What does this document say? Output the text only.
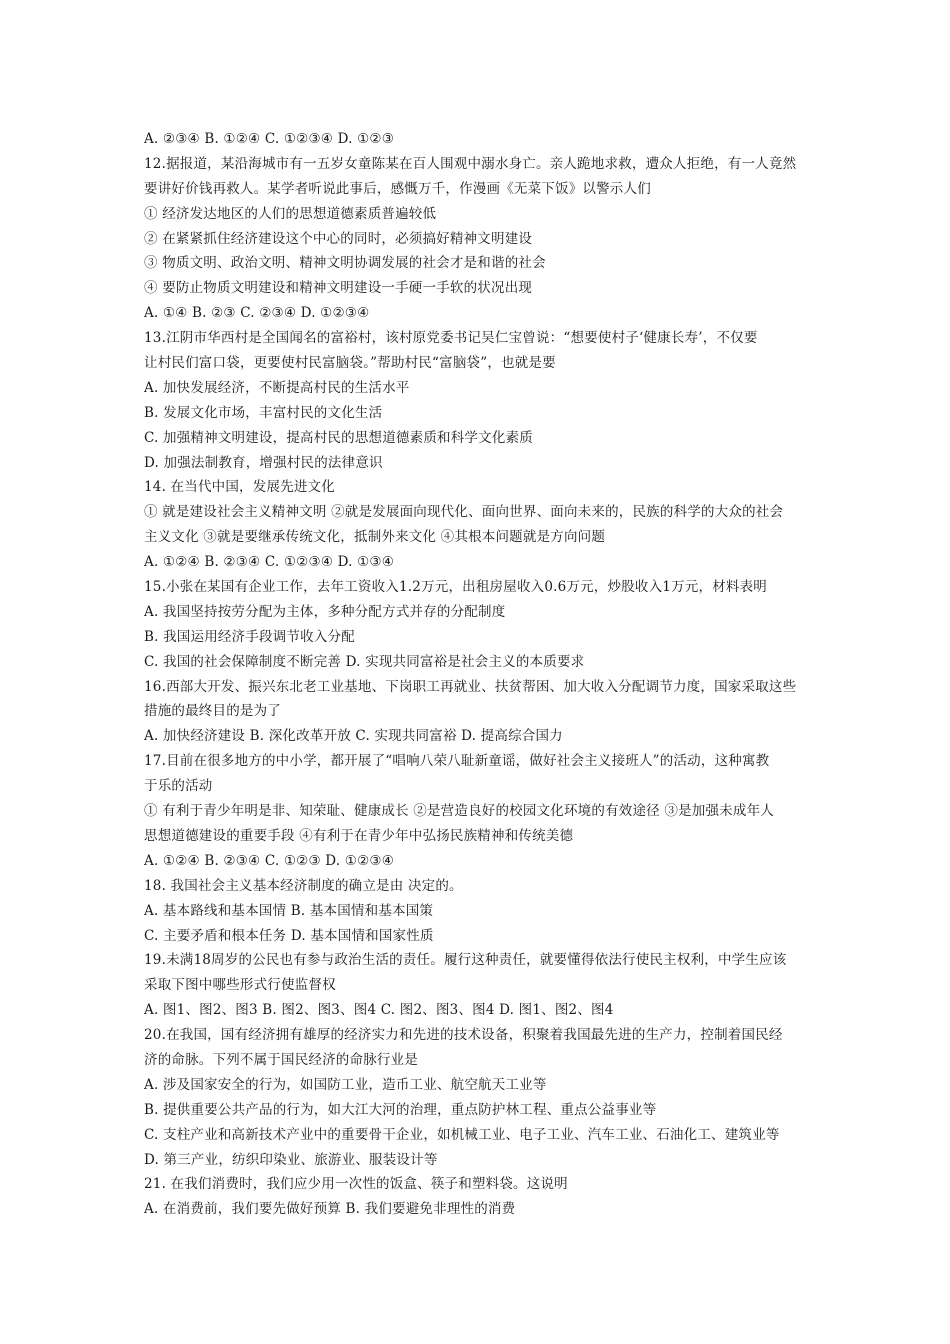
A. ②③④ B. ①②④ C. ①②③④ D. ①②③
12.据报道，某沿海城市有一五岁女童陈某在百人围观中溺水身亡。亲人跪地求救，遭众人拒绝，有一人竟然
要讲好价钱再救人。某学者听说此事后，感慨万千，作漫画《无菜下饭》以警示人们
① 经济发达地区的人们的思想道德素质普遍较低
② 在紧紧抓住经济建设这个中心的同时，必须搞好精神文明建设
③ 物质文明、政治文明、精神文明协调发展的社会才是和谐的社会
④ 要防止物质文明建设和精神文明建设一手硬一手软的状况出现
A. ①④ B. ②③ C. ②③④ D. ①②③④
13.江阴市华西村是全国闻名的富裕村，该村原党委书记吴仁宝曾说：“想要使村子‘健康长寿’，不仅要
让村民们富口袋，更要使村民富脑袋。”帮助村民“富脑袋”，也就是要
A. 加快发展经济，不断提高村民的生活水平
B. 发展文化市场，丰富村民的文化生活
C. 加强精神文明建设，提高村民的思想道德素质和科学文化素质
D. 加强法制教育，增强村民的法律意识
14. 在当代中国，发展先进文化
① 就是建设社会主义精神文明 ②就是发展面向现代化、面向世界、面向未来的，民族的科学的大众的社会
主义文化 ③就是要继承传统文化，抵制外来文化 ④其根本问题就是方向问题
A. ①②④ B. ②③④ C. ①②③④ D. ①③④
15.小张在某国有企业工作，去年工资收入1.2万元，出租房屋收入0.6万元，炒股收入1万元，材料表明
A. 我国坚持按劳分配为主体，多种分配方式并存的分配制度
B. 我国运用经济手段调节收入分配
C. 我国的社会保障制度不断完善 D. 实现共同富裕是社会主义的本质要求
16.西部大开发、振兴东北老工业基地、下岗职工再就业、扶贫帮困、加大收入分配调节力度，国家采取这些
措施的最终目的是为了
A. 加快经济建设 B. 深化改革开放 C. 实现共同富裕 D. 提高综合国力
17.目前在很多地方的中小学，都开展了“唱响八荣八耻新童谣，做好社会主义接班人”的活动，这种寓教
于乐的活动
① 有利于青少年明是非、知荣耻、健康成长 ②是营造良好的校园文化环境的有效途径 ③是加强未成年人
思想道德建设的重要手段 ④有利于在青少年中弘扬民族精神和传统美德
A. ①②④ B. ②③④ C. ①②③ D. ①②③④
18. 我国社会主义基本经济制度的确立是由 决定的。
A. 基本路线和基本国情 B. 基本国情和基本国策
C. 主要矛盾和根本任务 D. 基本国情和国家性质
19.未满18周岁的公民也有参与政治生活的责任。履行这种责任，就要懂得依法行使民主权利，中学生应该
采取下图中哪些形式行使监督权
A. 图1、图2、图3 B. 图2、图3、图4 C. 图2、图3、图4 D. 图1、图2、图4
20.在我国，国有经济拥有雄厚的经济实力和先进的技术设备，积聚着我国最先进的生产力，控制着国民经
济的命脉。下列不属于国民经济的命脉行业是
A. 涉及国家安全的行为，如国防工业，造币工业、航空航天工业等
B. 提供重要公共产品的行为，如大江大河的治理，重点防护林工程、重点公益事业等
C. 支柱产业和高新技术产业中的重要骨干企业，如机械工业、电子工业、汽车工业、石油化工、建筑业等
D. 第三产业，纺织印染业、旅游业、服装设计等
21. 在我们消费时，我们应少用一次性的饭盒、筷子和塑料袋。这说明
A. 在消费前，我们要先做好预算 B. 我们要避免非理性的消费
